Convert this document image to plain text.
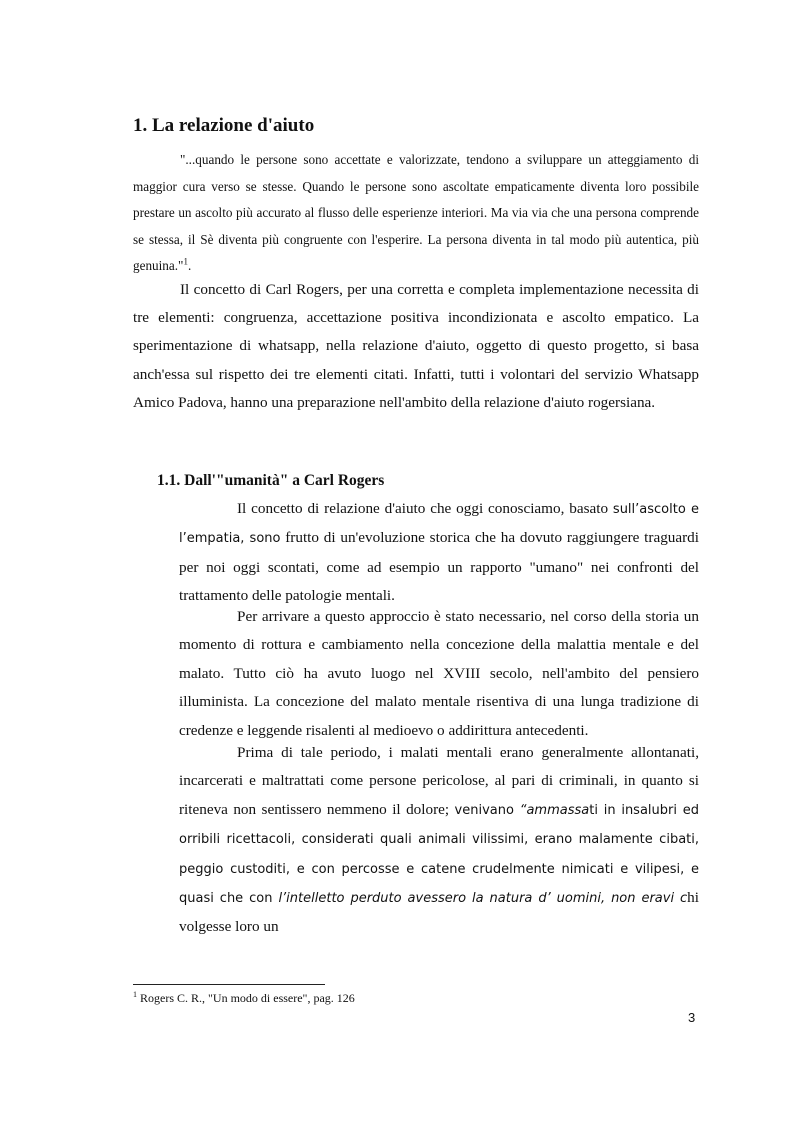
1. La relazione d'aiuto

"...quando le persone sono accettate e valorizzate, tendono a sviluppare un atteggiamento di maggior cura verso se stesse. Quando le persone sono ascoltate empaticamente diventa loro possibile prestare un ascolto più accurato al flusso delle esperienze interiori. Ma via via che una persona comprende se stessa, il Sè diventa più congruente con l'esperire. La persona diventa in tal modo più autentica, più genuina."$^1$.

Il concetto di Carl Rogers, per una corretta e completa implementazione necessita di tre elementi: congruenza, accettazione positiva incondizionata e ascolto empatico. La sperimentazione di whatsapp, nella relazione d'aiuto, oggetto di questo progetto, si basa anch'essa sul rispetto dei tre elementi citati. Infatti, tutti i volontari del servizio Whatsapp Amico Padova, hanno una preparazione nell'ambito della relazione d'aiuto rogersiana.

1.1. Dall'"umanità" a Carl Rogers

Il concetto di relazione d'aiuto che oggi conosciamo, basato sull’ascolto e l’empatia, sono frutto di un'evoluzione storica che ha dovuto raggiungere traguardi per noi oggi scontati, come ad esempio un rapporto "umano" nei confronti del trattamento delle patologie mentali.

Per arrivare a questo approccio è stato necessario, nel corso della storia un momento di rottura e cambiamento nella concezione della malattia mentale e del malato. Tutto ciò ha avuto luogo nel XVIII secolo, nell'ambito del pensiero illuminista. La concezione del malato mentale risentiva di una lunga tradizione di credenze e leggende risalenti al medioevo o addirittura antecedenti.

Prima di tale periodo, i malati mentali erano generalmente allontanati, incarcerati e maltrattati come persone pericolose, al pari di criminali, in quanto si riteneva non sentissero nemmeno il dolore; venivano “ammassati in insalubri ed orribili ricettacoli, considerati quali animali vilissimi, erano malamente cibati, peggio custoditi, e con percosse e catene crudelmente nimicati e vilipesi, e quasi che con l’intelletto perduto avessero la natura d’ uomini, non eravi chi volgesse loro un

$^1$ Rogers C. R., "Un modo di essere", pag. 126

3
